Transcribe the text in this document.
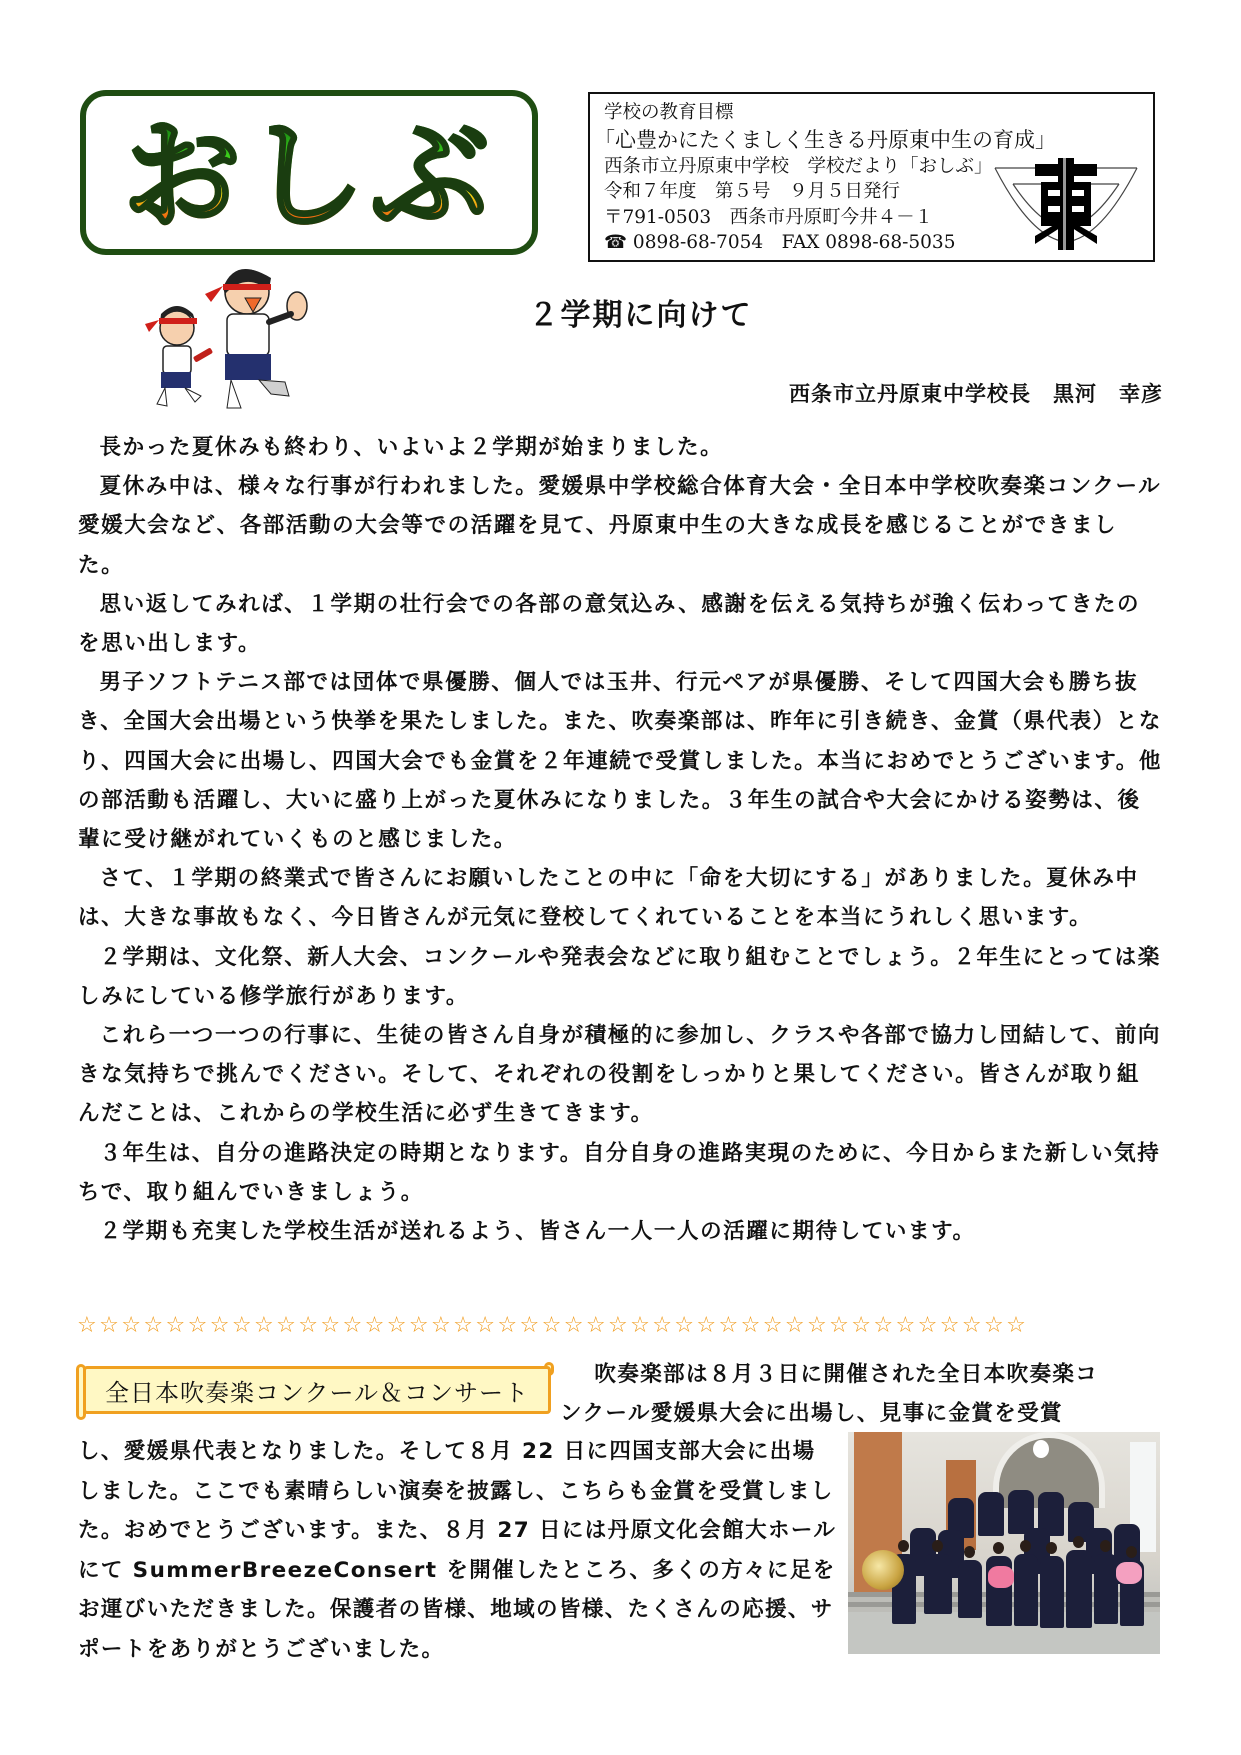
おしぶ	学校の教育目標
「心豊かにたくましく生きる丹原東中生の育成」
西条市立丹原東中学校　学校だより「おしぶ」
令和７年度　第５号　９月５日発行
〒791-0503　西条市丹原町今井４－１
☎ 0898-68-7054　FAX 0898-68-5035
２学期に向けて
西条市立丹原東中学校長　黒河　幸彦

長かった夏休みも終わり、いよいよ２学期が始まりました。

夏休み中は、様々な行事が行われました。愛媛県中学校総合体育大会・全日本中学校吹奏楽コンクール愛媛大会など、各部活動の大会等での活躍を見て、丹原東中生の大きな成長を感じることができました。

思い返してみれば、１学期の壮行会での各部の意気込み、感謝を伝える気持ちが強く伝わってきたのを思い出します。

男子ソフトテニス部では団体で県優勝、個人では玉井、行元ペアが県優勝、そして四国大会も勝ち抜き、全国大会出場という快挙を果たしました。また、吹奏楽部は、昨年に引き続き、金賞（県代表）となり、四国大会に出場し、四国大会でも金賞を２年連続で受賞しました。本当におめでとうございます。他の部活動も活躍し、大いに盛り上がった夏休みになりました。３年生の試合や大会にかける姿勢は、後輩に受け継がれていくものと感じました。

さて、１学期の終業式で皆さんにお願いしたことの中に「命を大切にする」がありました。夏休み中は、大きな事故もなく、今日皆さんが元気に登校してくれていることを本当にうれしく思います。

２学期は、文化祭、新人大会、コンクールや発表会などに取り組むことでしょう。２年生にとっては楽しみにしている修学旅行があります。

これら一つ一つの行事に、生徒の皆さん自身が積極的に参加し、クラスや各部で協力し団結して、前向きな気持ちで挑んでください。そして、それぞれの役割をしっかりと果してください。皆さんが取り組んだことは、これからの学校生活に必ず生きてきます。

３年生は、自分の進路決定の時期となります。自分自身の進路実現のために、今日からまた新しい気持ちで、取り組んでいきましょう。

２学期も充実した学校生活が送れるよう、皆さん一人一人の活躍に期待しています。

☆☆☆☆☆☆☆☆☆☆☆☆☆☆☆☆☆☆☆☆☆☆☆☆☆☆☆☆☆☆☆☆☆☆☆☆☆☆☆☆☆☆☆
全日本吹奏楽コンクール＆コンサート
吹奏楽部は８月３日に開催された全日本吹奏楽コ
ンクール愛媛県大会に出場し、見事に金賞を受賞
し、愛媛県代表となりました。そして８月 22 日に四国支部大会に出場しました。ここでも素晴らしい演奏を披露し、こちらも金賞を受賞しました。おめでとうございます。また、８月 27 日には丹原文化会館大ホールにて SummerBreezeConsert を開催したところ、多くの方々に足をお運びいただきました。保護者の皆様、地域の皆様、たくさんの応援、サポートをありがとうございました。
